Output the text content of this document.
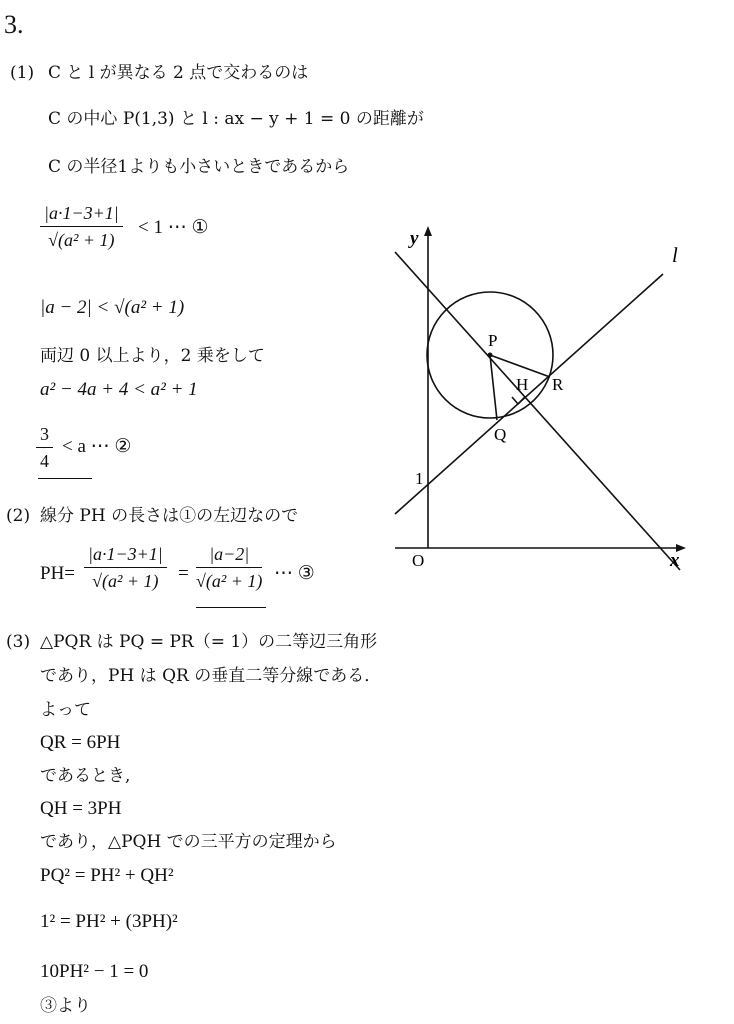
3.
(1) C と l が異なる 2 点で交わるのは
C の中心 P(1,3) と l : ax − y + 1 = 0 の距離が
C の半径1よりも小さいときであるから
$\frac{|a\cdot 1-3+1|}{\text{√(a² + 1)}} < 1$ ⋯ ①
|a − 2| < √(a² + 1)
両辺 0 以上より，2 乗をして
a² − 4a + 4 < a² + 1
$\frac{3}{4} < a$ ⋯ ②
(2) 線分 PH の長さは①の左辺なので
$PH= \frac{|a\cdot 1-3+1|}{\text{√(a² + 1)}} = \frac{|a-2|}{\text{√(a² + 1)}}$ ⋯ ③
(3) △PQR は PQ = PR（= 1）の二等辺三角形
であり，PH は QR の垂直二等分線である．
よって
QR = 6PH
であるとき,
QH = 3PH
であり，△PQH での三平方の定理から
PQ² = PH² + QH²
1² = PH² + (3PH)²
10PH² − 1 = 0
③より
y
x
O
l
1
P
H R
Q
